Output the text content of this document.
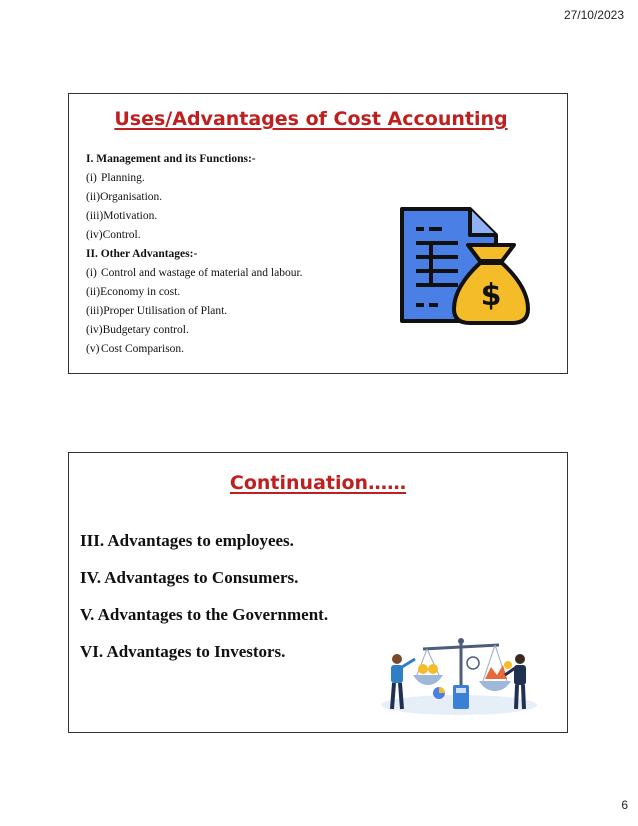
27/10/2023
Uses/Advantages of Cost Accounting
I. Management and its Functions:-
(i) Planning.
(ii)Organisation.
(iii)Motivation.
(iv)Control.
II. Other Advantages:-
(i) Control and wastage of material and labour.
(ii)Economy in cost.
(iii)Proper Utilisation of Plant.
(iv)Budgetary control.
(v) Cost Comparison.
$
Continuation……
III. Advantages to employees.
IV. Advantages to Consumers.
V. Advantages to the Government.
VI. Advantages to Investors.
6
